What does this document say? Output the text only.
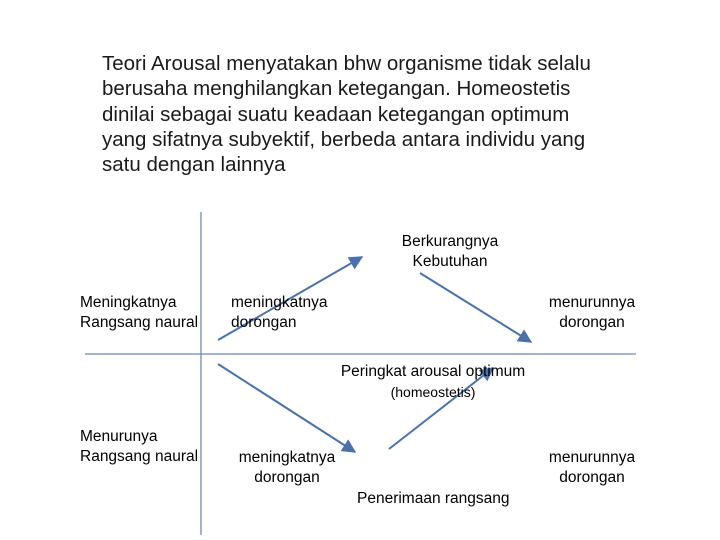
Teori Arousal menyatakan bhw organisme tidak selalu
berusaha menghilangkan ketegangan. Homeostetis
dinilai sebagai suatu keadaan ketegangan optimum
yang sifatnya subyektif, berbeda antara individu yang
satu dengan lainnya
Berkurangnya
Kebutuhan
Meningkatnya
Rangsang naural
meningkatnya
dorongan
menurunnya
dorongan
Peringkat arousal optimum
(homeostetis)
Menurunya
Rangsang naural	meningkatnya
dorongan
menurunnya
dorongan
Penerimaan rangsang
